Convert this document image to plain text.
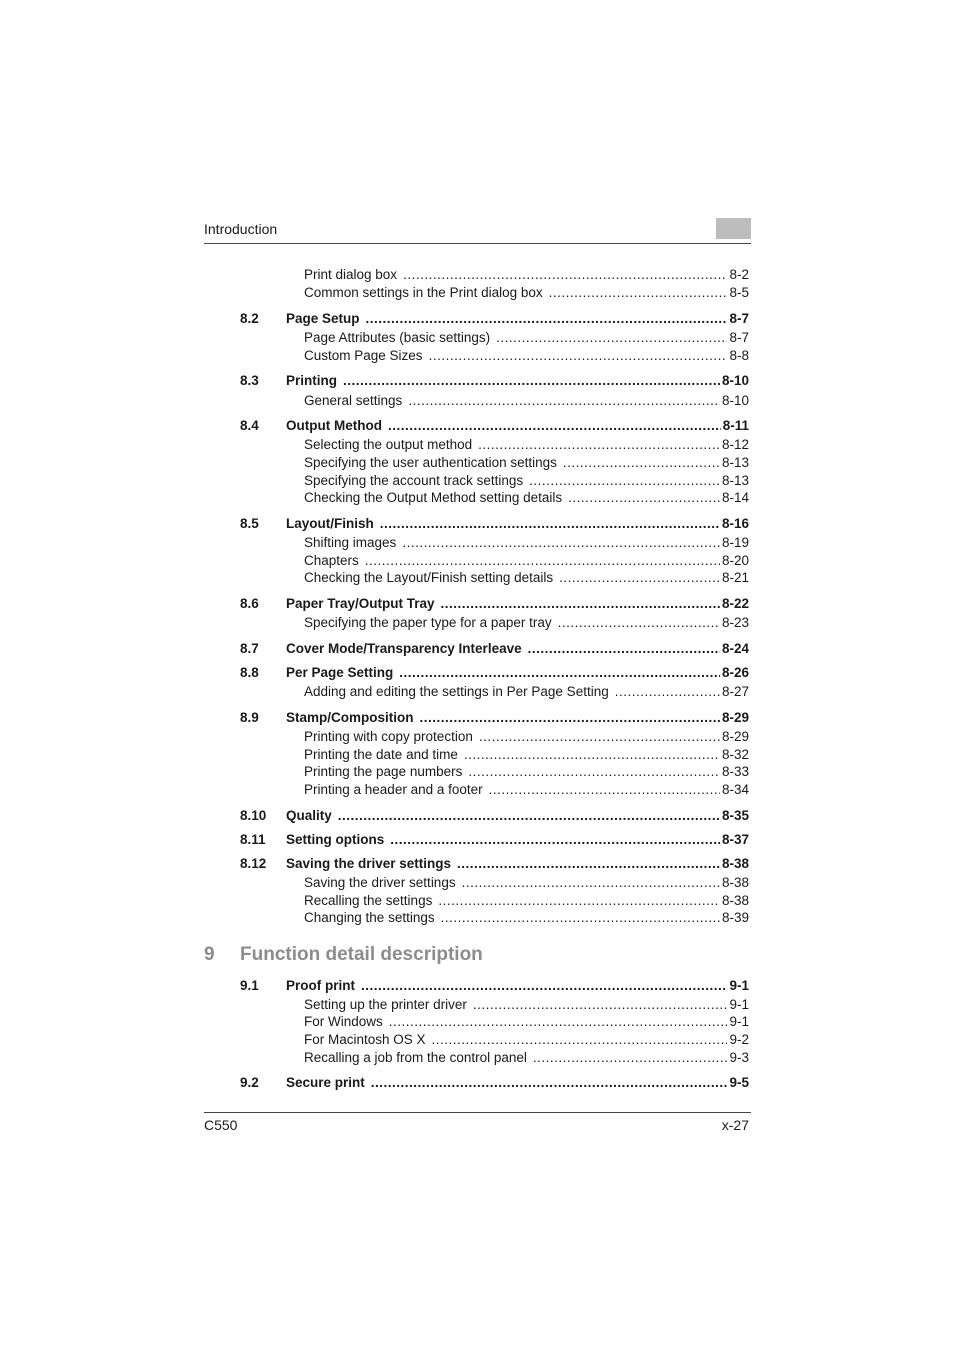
Introduction
Print dialog box .....	8-2
Common settings in the Print dialog box .....	8-5
8.2 Page Setup .....	8-7
Page Attributes (basic settings) .....	8-7
Custom Page Sizes .....	8-8
8.3 Printing .....	8-10
General settings .....	8-10
8.4 Output Method .....	8-11
Selecting the output method .....	8-12
Specifying the user authentication settings .....	8-13
Specifying the account track settings .....	8-13
Checking the Output Method setting details .....	8-14
8.5 Layout/Finish .....	8-16
Shifting images .....	8-19
Chapters .....	8-20
Checking the Layout/Finish setting details .....	8-21
8.6 Paper Tray/Output Tray .....	8-22
Specifying the paper type for a paper tray .....	8-23
8.7 Cover Mode/Transparency Interleave .....	8-24
8.8 Per Page Setting .....	8-26
Adding and editing the settings in Per Page Setting .....	8-27
8.9 Stamp/Composition .....	8-29
Printing with copy protection .....	8-29
Printing the date and time .....	8-32
Printing the page numbers .....	8-33
Printing a header and a footer .....	8-34
8.10 Quality .....	8-35
8.11 Setting options .....	8-37
8.12 Saving the driver settings .....	8-38
Saving the driver settings .....	8-38
Recalling the settings .....	8-38
Changing the settings .....	8-39
9 Function detail description
9.1 Proof print .....	9-1
Setting up the printer driver .....	9-1
For Windows .....	9-1
For Macintosh OS X .....	9-2
Recalling a job from the control panel .....	9-3
9.2 Secure print .....	9-5
C550	x-27
